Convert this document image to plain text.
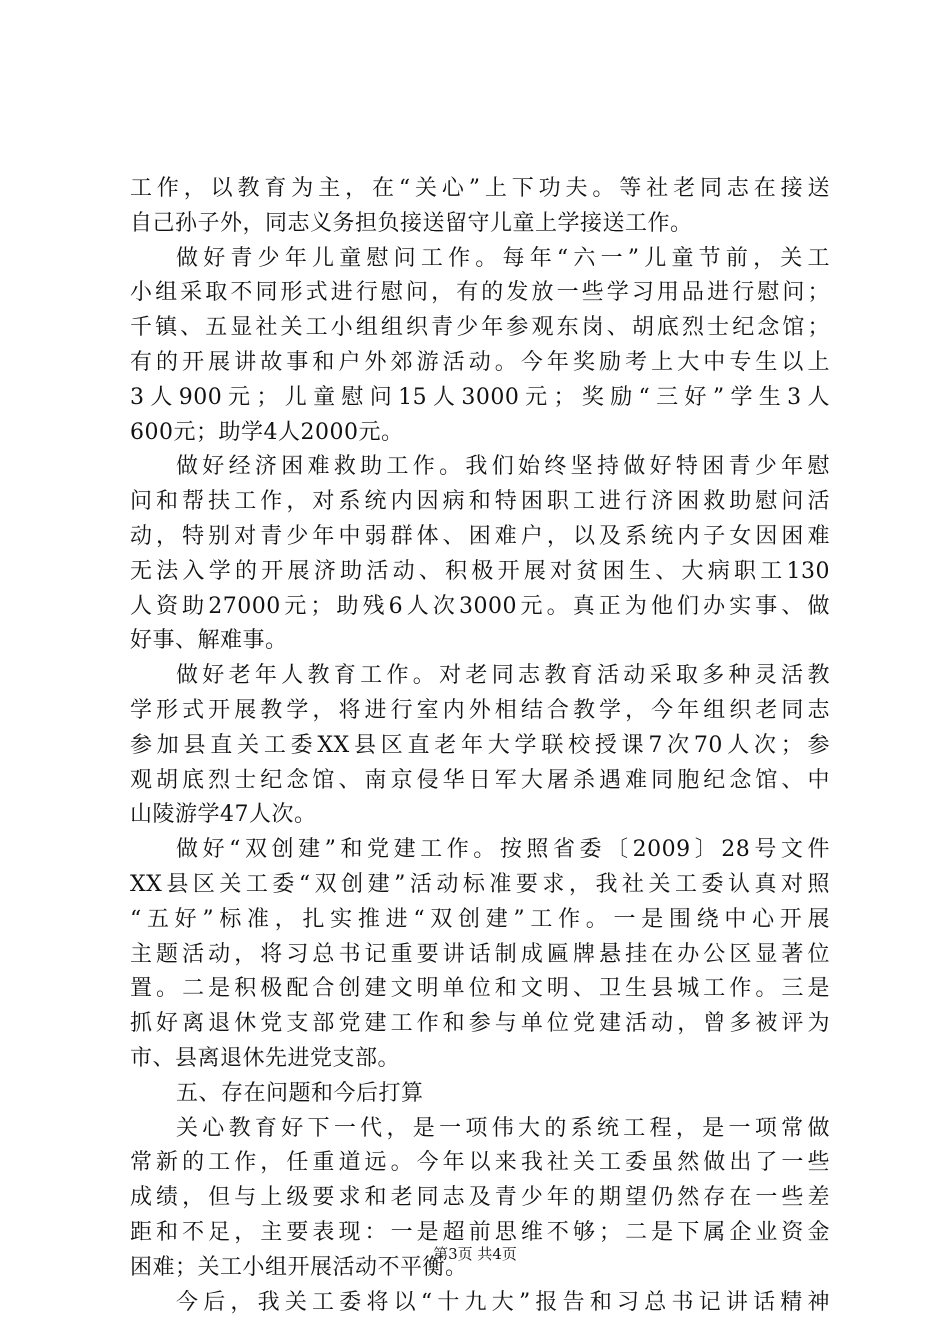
工作，以教育为主，在“关心”上下功夫。等社老同志在接送
自己孙子外，同志义务担负接送留守儿童上学接送工作。
做好青少年儿童慰问工作。每年“六一”儿童节前，关工
小组采取不同形式进行慰问，有的发放一些学习用品进行慰问；
千镇、五显社关工小组组织青少年参观东岗、胡底烈士纪念馆；
有的开展讲故事和户外郊游活动。今年奖励考上大中专生以上
3人900元；儿童慰问15人3000元；奖励“三好”学生3人
600元；助学4人2000元。
做好经济困难救助工作。我们始终坚持做好特困青少年慰
问和帮扶工作，对系统内因病和特困职工进行济困救助慰问活
动，特别对青少年中弱群体、困难户，以及系统内子女因困难
无法入学的开展济助活动、积极开展对贫困生、大病职工130
人资助27000元；助残6人次3000元。真正为他们办实事、做
好事、解难事。
做好老年人教育工作。对老同志教育活动采取多种灵活教
学形式开展教学，将进行室内外相结合教学，今年组织老同志
参加县直关工委XX县区直老年大学联校授课7次70人次；参
观胡底烈士纪念馆、南京侵华日军大屠杀遇难同胞纪念馆、中
山陵游学47人次。
做好“双创建”和党建工作。按照省委〔2009〕28号文件
XX县区关工委“双创建”活动标准要求，我社关工委认真对照
“五好”标准，扎实推进“双创建”工作。一是围绕中心开展
主题活动，将习总书记重要讲话制成匾牌悬挂在办公区显著位
置。二是积极配合创建文明单位和文明、卫生县城工作。三是
抓好离退休党支部党建工作和参与单位党建活动，曾多被评为
市、县离退休先进党支部。
五、存在问题和今后打算
关心教育好下一代，是一项伟大的系统工程，是一项常做
常新的工作，任重道远。今年以来我社关工委虽然做出了一些
成绩，但与上级要求和老同志及青少年的期望仍然存在一些差
距和不足，主要表现：一是超前思维不够；二是下属企业资金
困难；关工小组开展活动不平衡。
今后，我关工委将以“十九大”报告和习总书记讲话精神
第3页 共4页
